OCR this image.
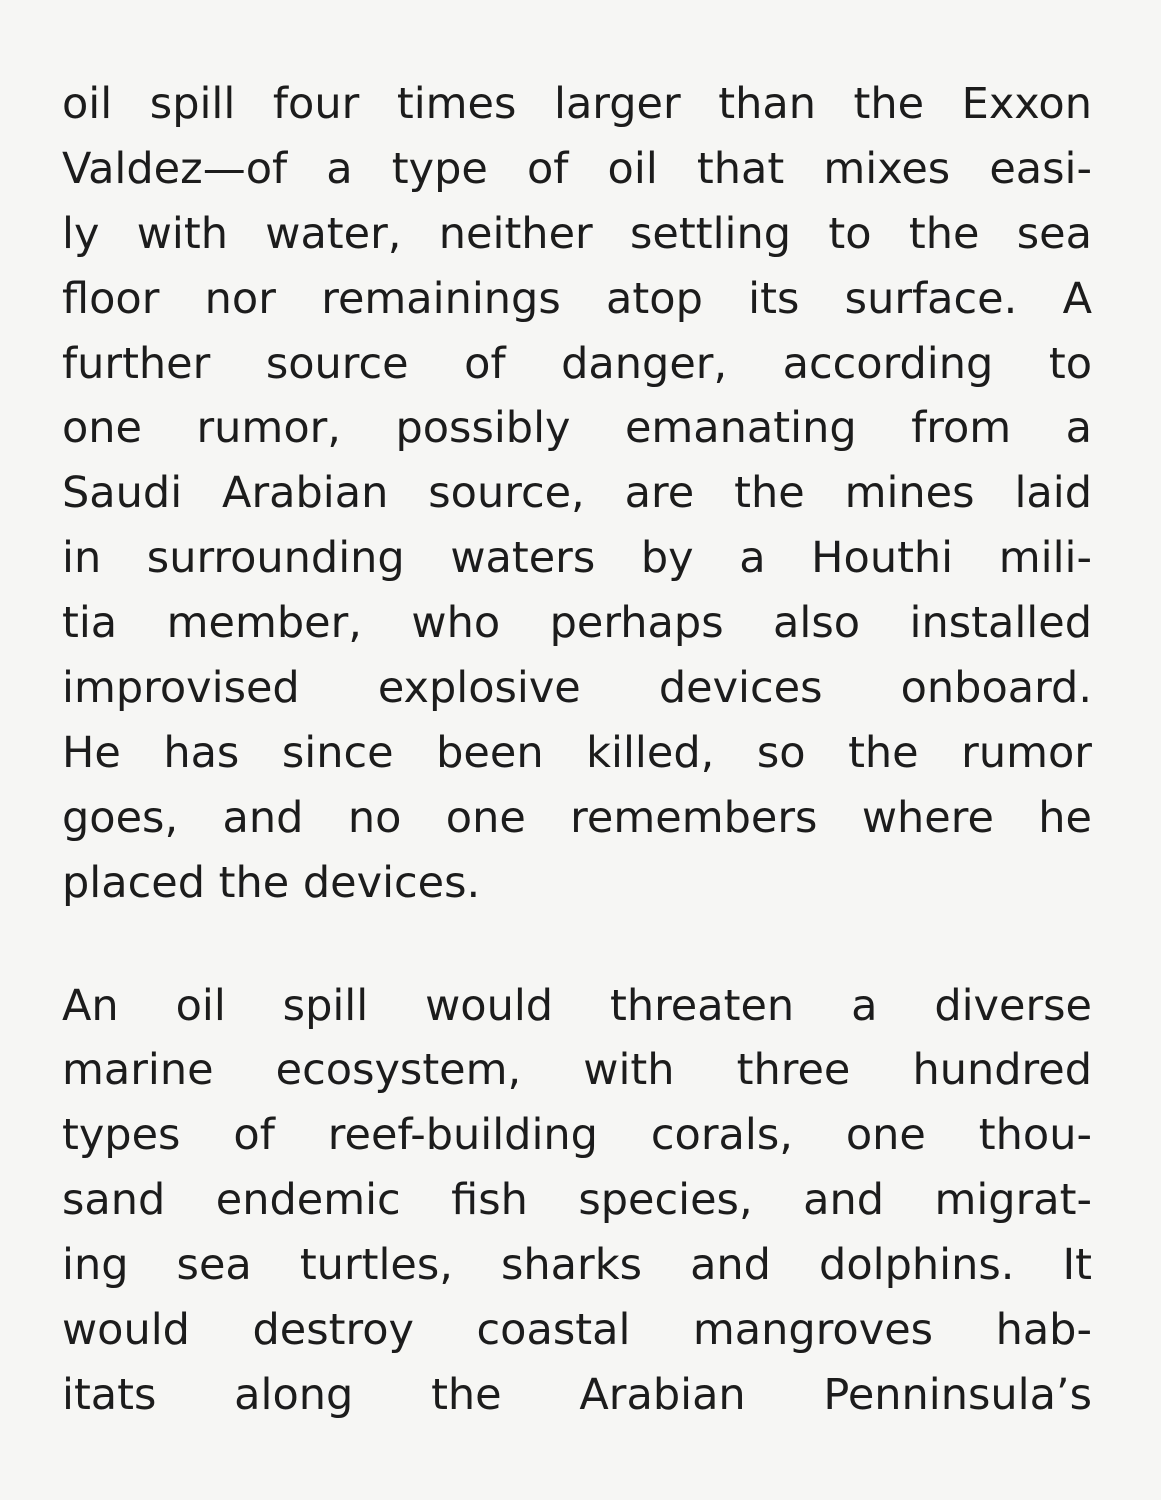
oil spill four times larger than the Exxon
Valdez—of a type of oil that mixes easi-
ly with water, neither settling to the sea
floor nor remainings atop its surface. A
further source of danger, according to
one rumor, possibly emanating from a
Saudi Arabian source, are the mines laid
in surrounding waters by a Houthi mili-
tia member, who perhaps also installed
improvised explosive devices onboard.
He has since been killed, so the rumor
goes, and no one remembers where he
placed the devices.
An oil spill would threaten a diverse
marine ecosystem, with three hundred
types of reef-building corals, one thou-
sand endemic fish species, and migrat-
ing sea turtles, sharks and dolphins. It
would destroy coastal mangroves hab-
itats along the Arabian Penninsula’s
